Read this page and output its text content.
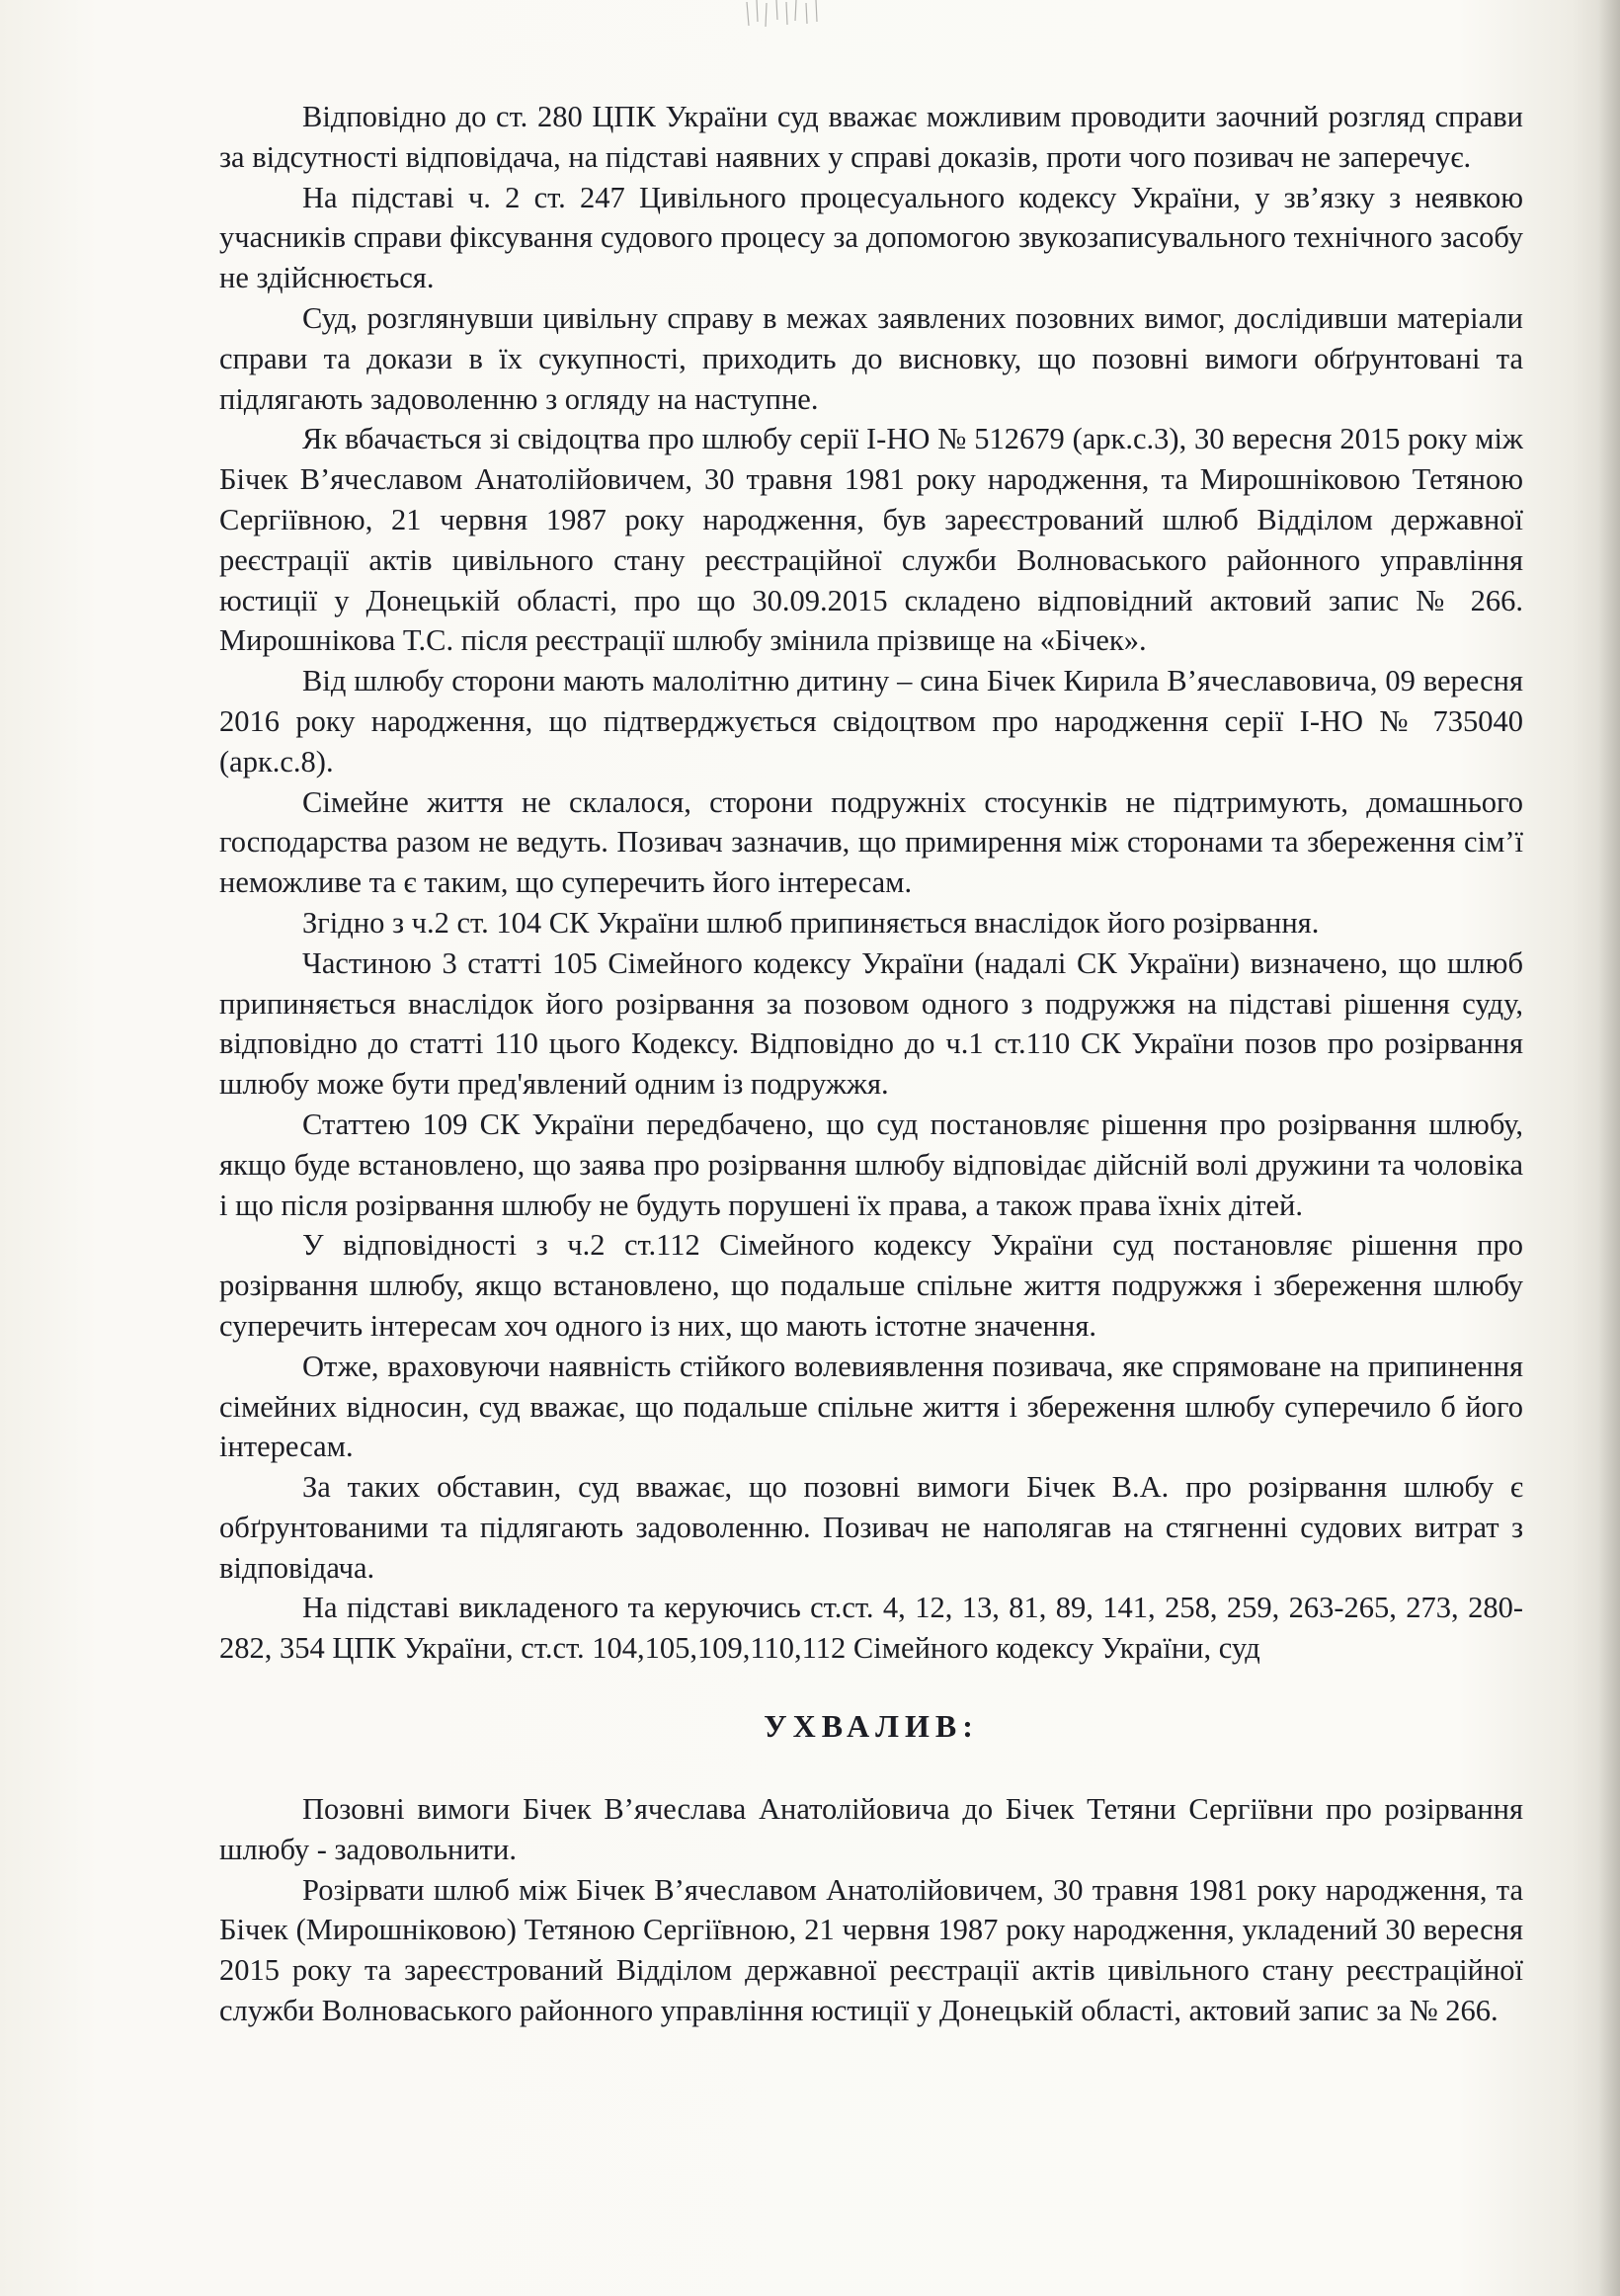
Відповідно до ст. 280 ЦПК України суд вважає можливим проводити заочний розгляд справи за відсутності відповідача, на підставі наявних у справі доказів, проти чого позивач не заперечує.

На підставі ч. 2 ст. 247 Цивільного процесуального кодексу України, у зв’язку з неявкою учасників справи фіксування судового процесу за допомогою звукозаписувального технічного засобу не здійснюється.

Суд, розглянувши цивільну справу в межах заявлених позовних вимог, дослідивши матеріали справи та докази в їх сукупності, приходить до висновку, що позовні вимоги обґрунтовані та підлягають задоволенню з огляду на наступне.

Як вбачається зі свідоцтва про шлюбу серії І-НО № 512679 (арк.с.3), 30 вересня 2015 року між Бічек В’ячеславом Анатолійовичем, 30 травня 1981 року народження, та Мирошніковою Тетяною Сергіївною, 21 червня 1987 року народження, був зареєстрований шлюб Відділом державної реєстрації актів цивільного стану реєстраційної служби Волноваського районного управління юстиції у Донецькій області, про що 30.09.2015 складено відповідний актовий запис № 266. Мирошнікова Т.С. після реєстрації шлюбу змінила прізвище на «Бічек».

Від шлюбу сторони мають малолітню дитину – сина Бічек Кирила В’ячеславовича, 09 вересня 2016 року народження, що підтверджується свідоцтвом про народження серії І-НО № 735040 (арк.с.8).

Сімейне життя не склалося, сторони подружніх стосунків не підтримують, домашнього господарства разом не ведуть. Позивач зазначив, що примирення між сторонами та збереження сім’ї неможливе та є таким, що суперечить його інтересам.

Згідно з ч.2 ст. 104 СК України шлюб припиняється внаслідок його розірвання.

Частиною 3 статті 105 Сімейного кодексу України (надалі СК України) визначено, що шлюб припиняється внаслідок його розірвання за позовом одного з подружжя на підставі рішення суду, відповідно до статті 110 цього Кодексу. Відповідно до ч.1 ст.110 СК України позов про розірвання шлюбу може бути пред'явлений одним із подружжя.

Статтею 109 СК України передбачено, що суд постановляє рішення про розірвання шлюбу, якщо буде встановлено, що заява про розірвання шлюбу відповідає дійсній волі дружини та чоловіка і що після розірвання шлюбу не будуть порушені їх права, а також права їхніх дітей.

У відповідності з ч.2 ст.112 Сімейного кодексу України суд постановляє рішення про розірвання шлюбу, якщо встановлено, що подальше спільне життя подружжя і збереження шлюбу суперечить інтересам хоч одного із них, що мають істотне значення.

Отже, враховуючи наявність стійкого волевиявлення позивача, яке спрямоване на припинення сімейних відносин, суд вважає, що подальше спільне життя і збереження шлюбу суперечило б його інтересам.

За таких обставин, суд вважає, що позовні вимоги Бічек В.А. про розірвання шлюбу є обґрунтованими та підлягають задоволенню. Позивач не наполягав на стягненні судових витрат з відповідача.

На підставі викладеного та керуючись ст.ст. 4, 12, 13, 81, 89, 141, 258, 259, 263-265, 273, 280-282, 354 ЦПК України, ст.ст. 104,105,109,110,112 Сімейного кодексу України, суд

УХВАЛИВ:

Позовні вимоги Бічек В’ячеслава Анатолійовича до Бічек Тетяни Сергіївни про розірвання шлюбу - задовольнити.

Розірвати шлюб між Бічек В’ячеславом Анатолійовичем, 30 травня 1981 року народження, та Бічек (Мирошніковою) Тетяною Сергіївною, 21 червня 1987 року народження, укладений 30 вересня 2015 року та зареєстрований Відділом державної реєстрації актів цивільного стану реєстраційної служби Волноваського районного управління юстиції у Донецькій області, актовий запис за № 266.
